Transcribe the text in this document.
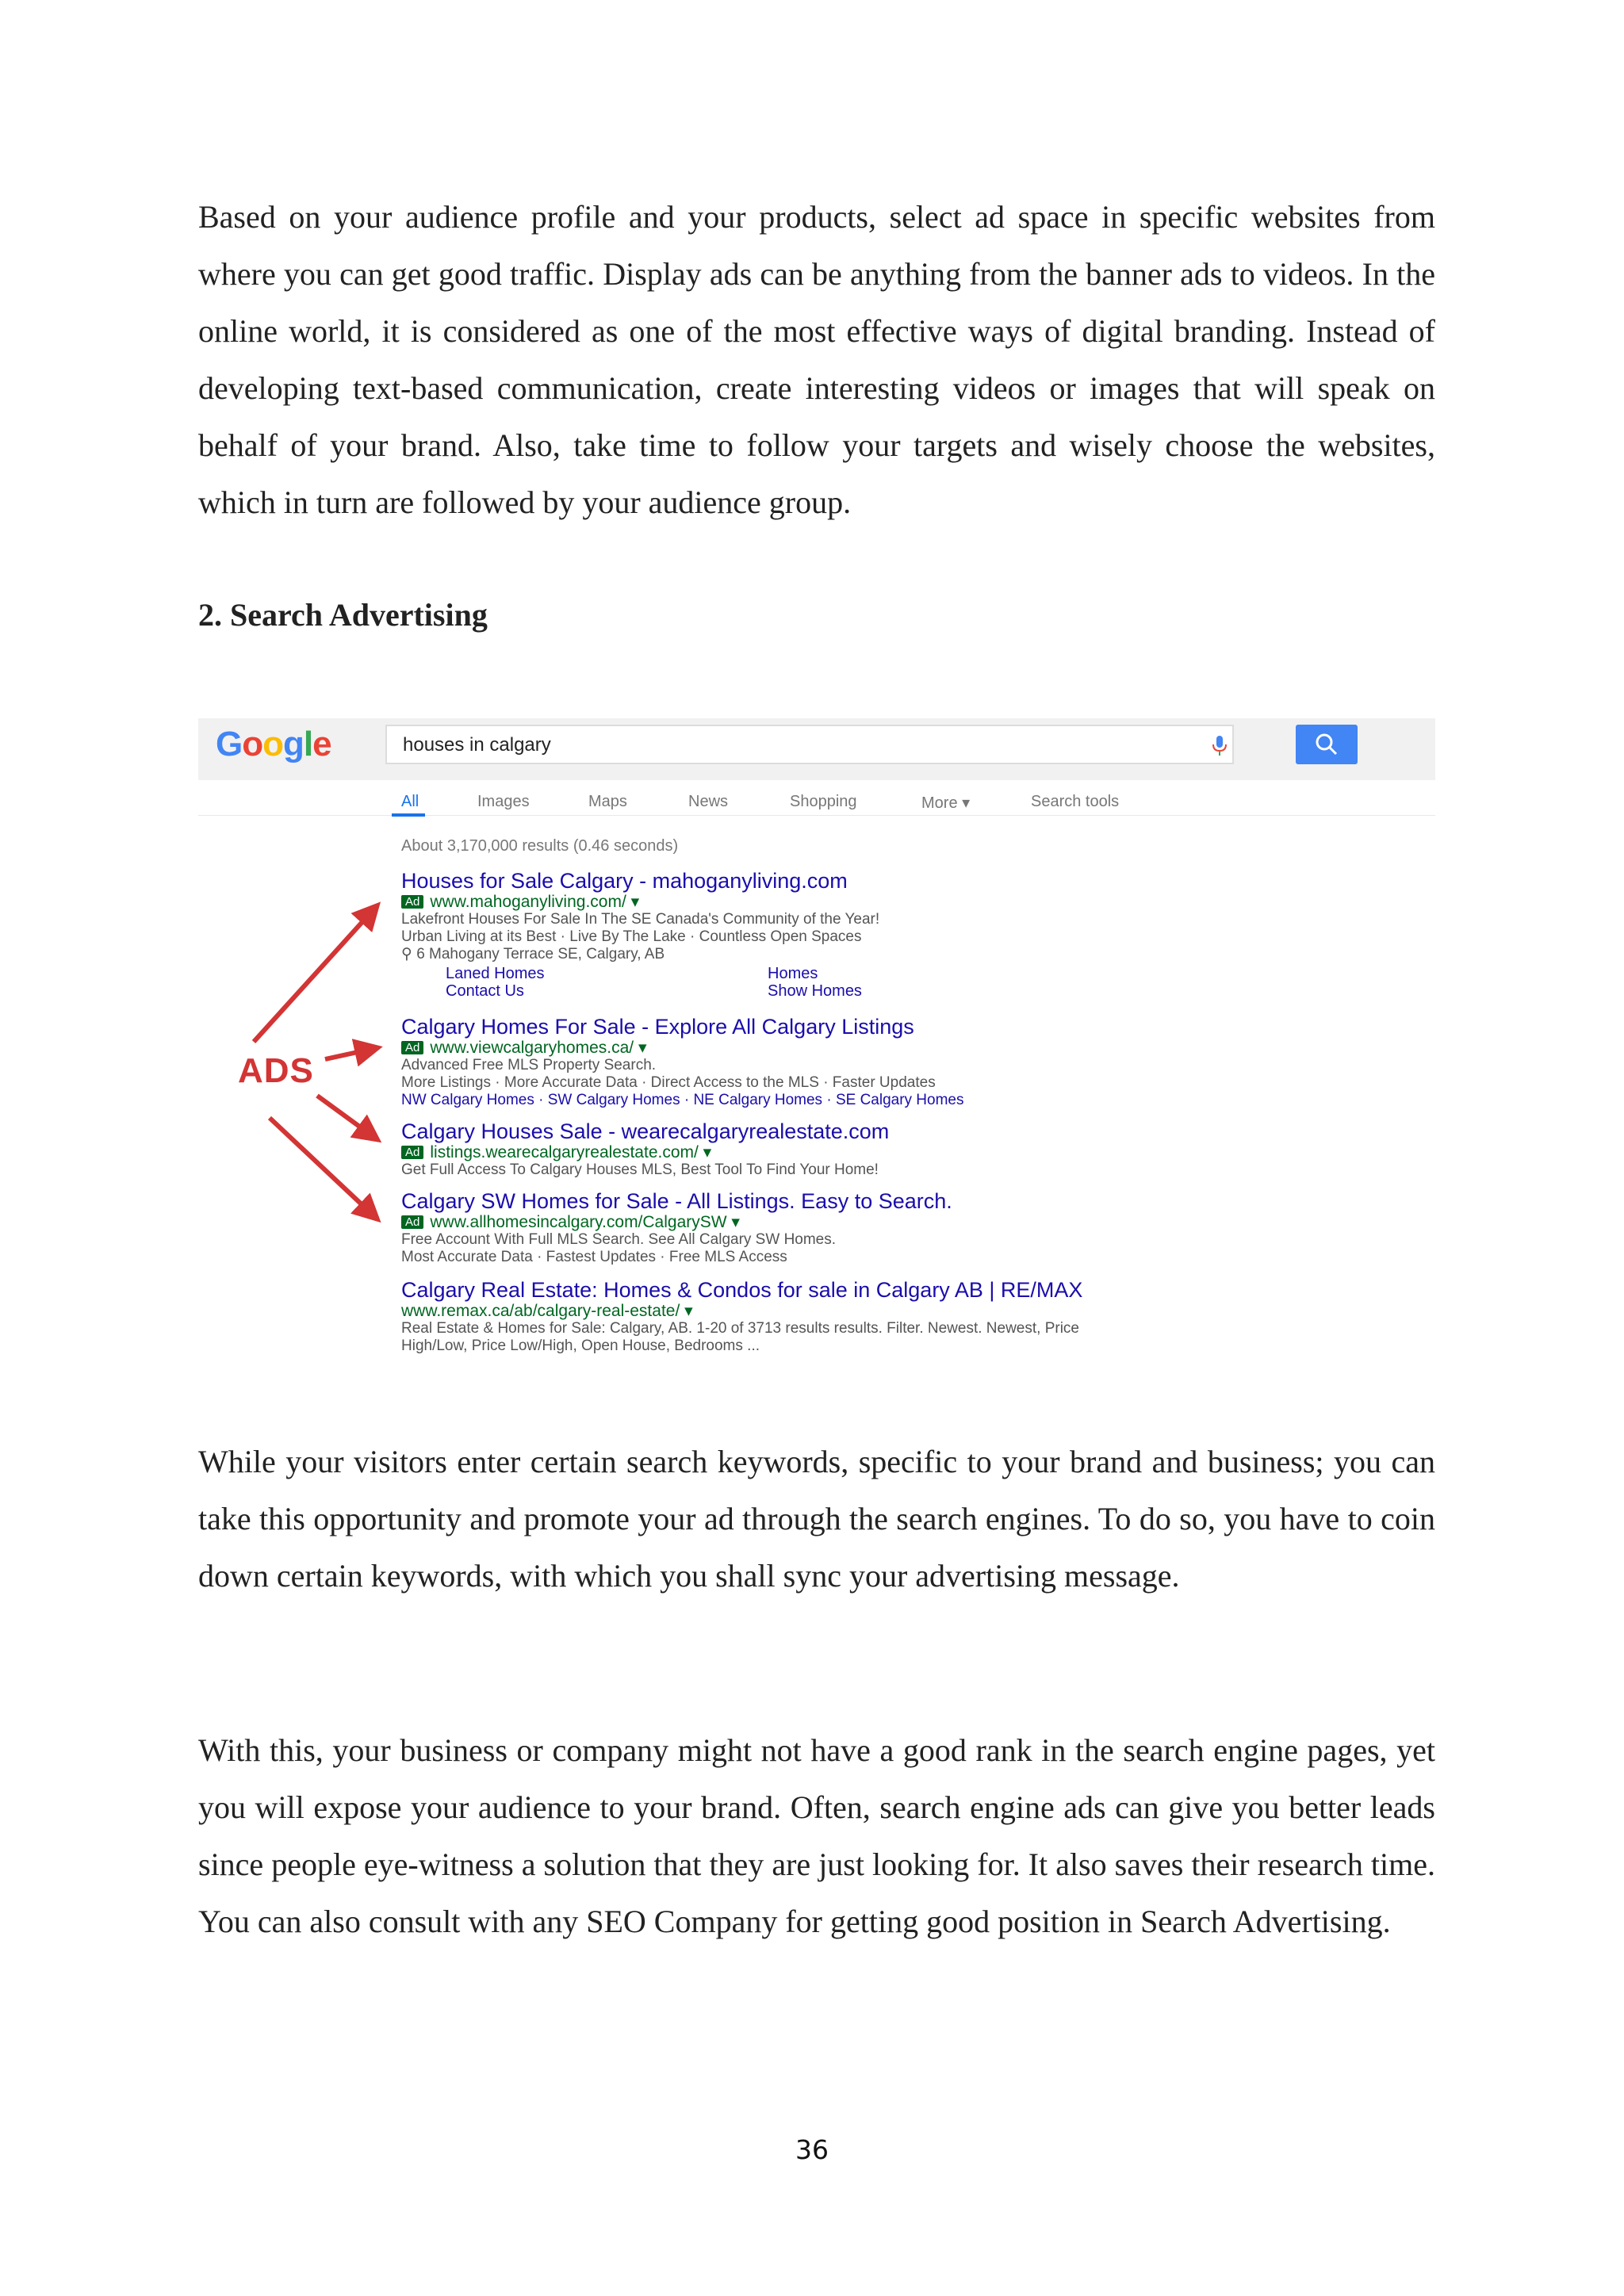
Based on your audience profile and your products, select ad space in specific websites from where you can get good traffic. Display ads can be anything from the banner ads to videos. In the online world, it is considered as one of the most effective ways of digital branding. Instead of developing text-based communication, create interesting videos or images that will speak on behalf of your brand. Also, take time to follow your targets and wisely choose the websites, which in turn are followed by your audience group.

2. Search Advertising
Google	houses in calgary
All	Images	Maps	News	Shopping	More ▾	Search tools
About 3,170,000 results (0.46 seconds)
Houses for Sale Calgary - mahoganyliving.com
Ad www.mahoganyliving.com/ ▾
Lakefront Houses For Sale In The SE Canada's Community of the Year!
Urban Living at its Best · Live By The Lake · Countless Open Spaces
⚲ 6 Mahogany Terrace SE, Calgary, AB
Laned Homes	Homes
Contact Us	Show Homes
Calgary Homes For Sale - Explore All Calgary Listings
Ad www.viewcalgaryhomes.ca/ ▾
Advanced Free MLS Property Search.
More Listings · More Accurate Data · Direct Access to the MLS · Faster Updates
NW Calgary Homes · SW Calgary Homes · NE Calgary Homes · SE Calgary Homes
Calgary Houses Sale - wearecalgaryrealestate.com
Ad listings.wearecalgaryrealestate.com/ ▾
Get Full Access To Calgary Houses MLS, Best Tool To Find Your Home!
Calgary SW Homes for Sale - All Listings. Easy to Search.
Ad www.allhomesincalgary.com/CalgarySW ▾
Free Account With Full MLS Search. See All Calgary SW Homes.
Most Accurate Data · Fastest Updates · Free MLS Access
Calgary Real Estate: Homes & Condos for sale in Calgary AB | RE/MAX
www.remax.ca/ab/calgary-real-estate/ ▾
Real Estate & Homes for Sale: Calgary, AB. 1-20 of 3713 results results. Filter. Newest. Newest, Price
High/Low, Price Low/High, Open House, Bedrooms ...
ADS

While your visitors enter certain search keywords, specific to your brand and business; you can take this opportunity and promote your ad through the search engines. To do so, you have to coin down certain keywords, with which you shall sync your advertising message.

With this, your business or company might not have a good rank in the search engine pages, yet you will expose your audience to your brand. Often, search engine ads can give you better leads since people eye-witness a solution that they are just looking for. It also saves their research time. You can also consult with any SEO Company for getting good position in Search Advertising.

36
